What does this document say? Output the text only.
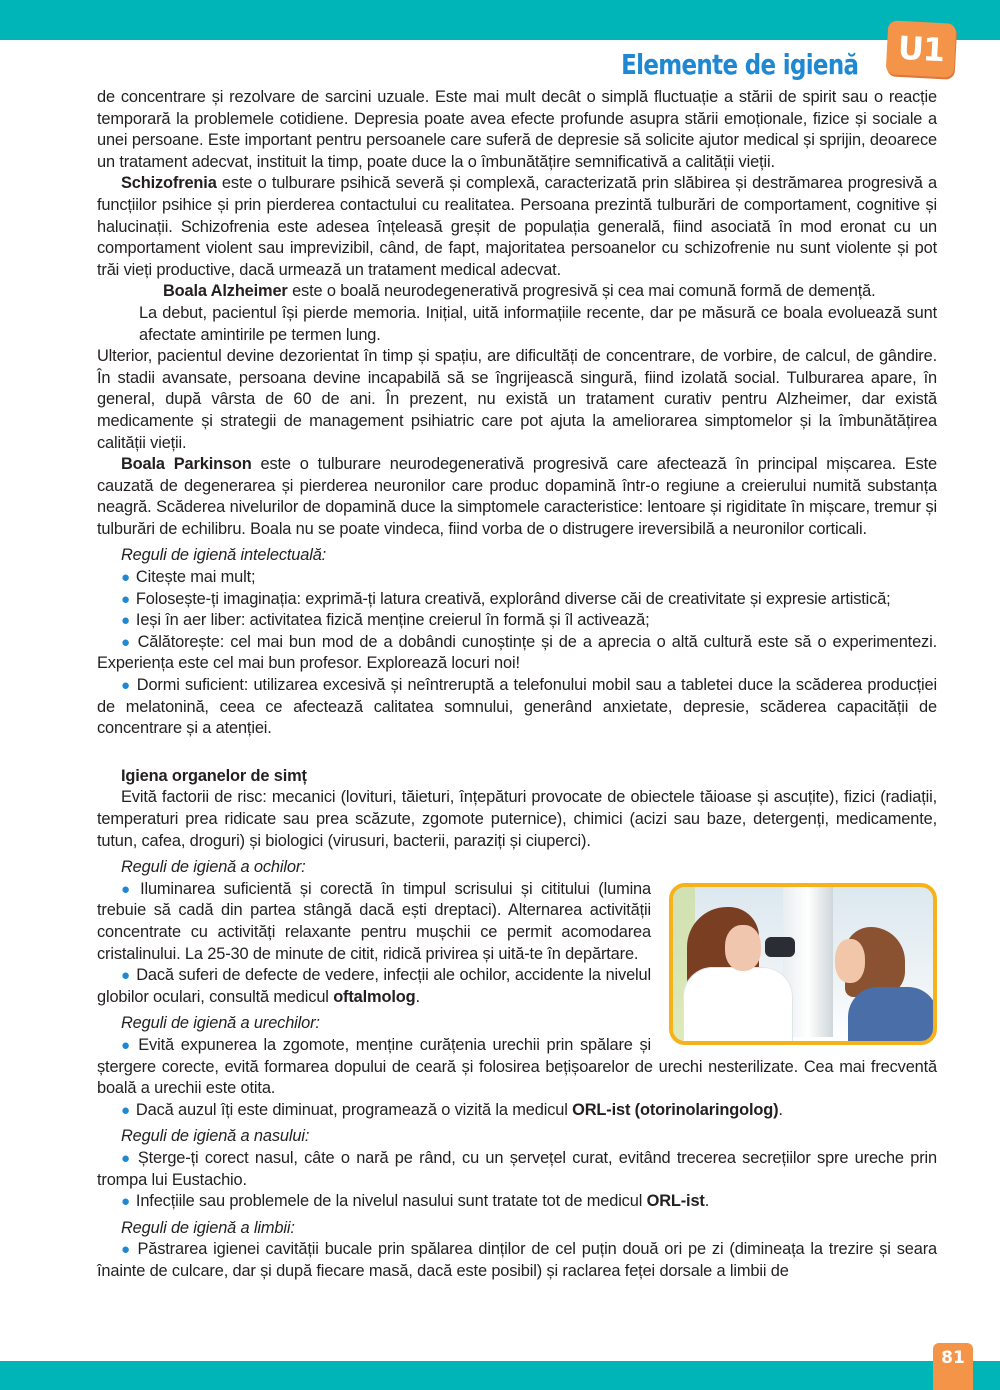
Elemente de igienă	U1

de concentrare și rezolvare de sarcini uzuale. Este mai mult decât o simplă fluctuație a stării de spirit sau o reacție temporară la problemele cotidiene. Depresia poate avea efecte profunde asupra stării emoționale, fizice și sociale a unei persoane. Este important pentru persoanele care suferă de depresie să solicite ajutor medical și sprijin, deoarece un tratament adecvat, instituit la timp, poate duce la o îmbunătățire semnificativă a calității vieții.

Schizofrenia este o tulburare psihică severă și complexă, caracterizată prin slăbirea și destrămarea progresivă a funcțiilor psihice și prin pierderea contactului cu realitatea. Persoana prezintă tulburări de comportament, cognitive și halucinații. Schizofrenia este adesea înțeleasă greșit de populația generală, fiind asociată în mod eronat cu un comportament violent sau imprevizibil, când, de fapt, majoritatea persoanelor cu schizofrenie nu sunt violente și pot trăi vieți productive, dacă urmează un tratament medical adecvat.

Boala Alzheimer este o boală neurodegenerativă progresivă și cea mai comună formă de demență.

La debut, pacientul își pierde memoria. Inițial, uită informațiile recente, dar pe măsură ce boala evoluează sunt afectate amintirile pe termen lung.

Ulterior, pacientul devine dezorientat în timp și spațiu, are dificultăți de concentrare, de vorbire, de calcul, de gândire. În stadii avansate, persoana devine incapabilă să se îngrijească singură, fiind izolată social. Tulburarea apare, în general, după vârsta de 60 de ani. În prezent, nu există un tratament curativ pentru Alzheimer, dar există medicamente și strategii de management psihiatric care pot ajuta la ameliorarea simptomelor și la îmbunătățirea calității vieții.

Boala Parkinson este o tulburare neurodegenerativă progresivă care afectează în principal mișcarea. Este cauzată de degenerarea și pierderea neuronilor care produc dopamină într-o regiune a creierului numită substanța neagră. Scăderea nivelurilor de dopamină duce la simptomele caracteristice: lentoare și rigiditate în mișcare, tremur și tulburări de echilibru. Boala nu se poate vindeca, fiind vorba de o distrugere ireversibilă a neuronilor corticali.

Reguli de igienă intelectuală:

● Citește mai mult;

● Folosește-ți imaginația: exprimă-ți latura creativă, explorând diverse căi de creativitate și expresie artistică;

● Ieși în aer liber: activitatea fizică menține creierul în formă și îl activează;

● Călătorește: cel mai bun mod de a dobândi cunoștințe și de a aprecia o altă cultură este să o experimentezi. Experiența este cel mai bun profesor. Explorează locuri noi!

● Dormi suficient: utilizarea excesivă și neîntreruptă a telefonului mobil sau a tabletei duce la scăderea producției de melatonină, ceea ce afectează calitatea somnului, generând anxietate, depresie, scăderea capacității de concentrare și a atenției.

Igiena organelor de simț

Evită factorii de risc: mecanici (lovituri, tăieturi, înțepături provocate de obiectele tăioase și ascuțite), fizici (radiații, temperaturi prea ridicate sau prea scăzute, zgomote puternice), chimici (acizi sau baze, detergenți, medicamente, tutun, cafea, droguri) și biologici (virusuri, bacterii, paraziți și ciuperci).

Reguli de igienă a ochilor:

● Iluminarea suficientă și corectă în timpul scrisului și cititului (lumina trebuie să cadă din partea stângă dacă ești dreptaci). Alternarea activității concentrate cu activități relaxante pentru mușchii ce permit acomodarea cristalinului. La 25-30 de minute de citit, ridică privirea și uită-te în depărtare.

● Dacă suferi de defecte de vedere, infecții ale ochilor, accidente la nivelul globilor oculari, consultă medicul oftalmolog.

Reguli de igienă a urechilor:

● Evită expunerea la zgomote, menține curățenia urechii prin spălare și ștergere corecte, evită formarea dopului de ceară și folosirea bețișoarelor de urechi nesterilizate. Cea mai frecventă boală a urechii este otita.

● Dacă auzul îți este diminuat, programează o vizită la medicul ORL-ist (otorinolaringolog).

Reguli de igienă a nasului:

● Șterge-ți corect nasul, câte o nară pe rând, cu un șervețel curat, evitând trecerea secrețiilor spre ureche prin trompa lui Eustachio.

● Infecțiile sau problemele de la nivelul nasului sunt tratate tot de medicul ORL-ist.

Reguli de igienă a limbii:

● Păstrarea igienei cavității bucale prin spălarea dinților de cel puțin două ori pe zi (dimineața la trezire și seara înainte de culcare, dar și după fiecare masă, dacă este posibil) și raclarea feței dorsale a limbii de

81
